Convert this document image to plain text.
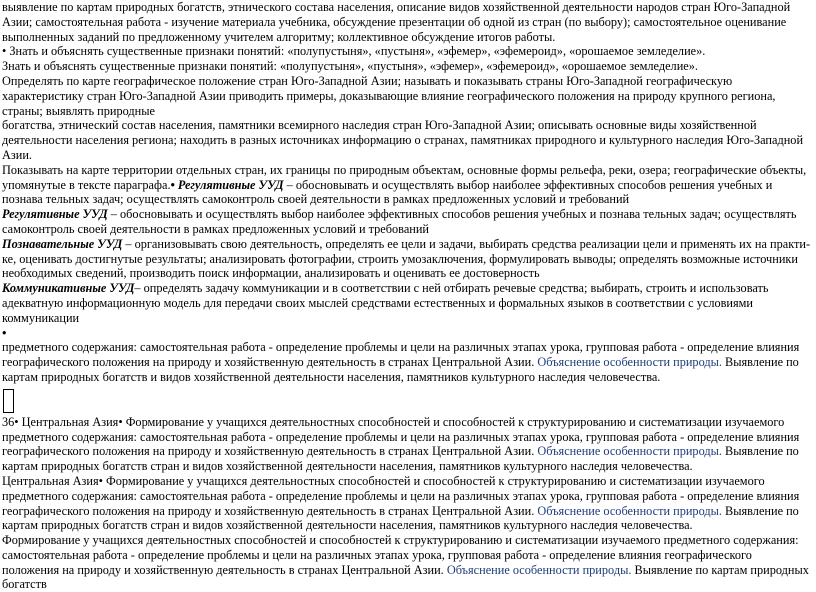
выявление по картам природных богатств, этнического состава населения, описание видов хозяйственной деятельности народов стран Юго-Западной Азии; самостоятельная работа - изучение материала учебника, обсуждение презентации об одной из стран (по выбору); самостоятельное оценивание выполненных заданий по предложенному учителем алгоритму; коллективное обсуждение итогов работы.

• Знать и объяснять существенные признаки понятий: «полупустыня», «пустыня», «эфемер», «эфемероид», «орошаемое земледелие».

Знать и объяснять существенные признаки понятий: «полупустыня», «пустыня», «эфемер», «эфемероид», «орошаемое земледелие».

Определять по карте географическое положение стран Юго-Западной Азии; называть и показывать страны Юго-Западной географическую характеристику стран Юго-Западной Азии приводить примеры, доказывающие влияние географического положения на природу крупного региона, страны; выявлять природные

богатства, этнический состав населения, памятники всемирного наследия стран Юго-Западной Азии; описывать основные виды хозяйственной деятельности населения региона; находить в разных источниках информацию о странах, памятниках природного и культурного наследия Юго-Западной Азии.

Показывать на карте территории отдельных стран, их границы по природным объектам, основные формы рельефа, реки, озера; географические объекты, упомянутые в тексте параграфа.• Регулятивные УУД – обосновывать и осуществлять выбор наиболее эффективных способов решения учебных и познава тельных задач; осуществлять самоконтроль своей деятельности в рамках предложенных условий и требований

Регулятивные УУД – обосновывать и осуществлять выбор наиболее эффективных способов решения учебных и познава тельных задач; осуществлять самоконтроль своей деятельности в рамках предложенных условий и требований

Познавательные УУД – организовывать свою деятельность, определять ее цели и задачи, выбирать средства реализации цели и применять их на практи-ке, оценивать достигнутые результаты; анализировать фотографии, строить умозаключения, формулировать выводы; определять возможные источники необходимых сведений, производить поиск информации, анализировать и оценивать ее достоверность

Коммуникативные УУД– определять задачу коммуникации и в соответствии с ней отбирать речевые средства; выбирать, строить и использовать адекватную информационную модель для передачи своих мыслей средствами естественных и формальных языков в соответствии с условиями коммуникации

•

предметного содержания: самостоятельная работа - определение проблемы и цели на различных этапах урока, групповая работа - определение влияния географического положения на природу и хозяйственную деятельность в странах Центральной Азии. Объяснение особенности природы. Выявление по картам природных богатств и видов хозяйственной деятельности населения, памятников культурного наследия человечества.

36• Центральная Азия• Формирование у учащихся деятельностных способностей и способностей к структурированию и систематизации изучаемого предметного содержания: самостоятельная работа - определение проблемы и цели на различных этапах урока, групповая работа - определение влияния географического положения на природу и хозяйственную деятельность в странах Центральной Азии. Объяснение особенности природы. Выявление по картам природных богатств стран и видов хозяйственной деятельности населения, памятников культурного наследия человечества.

Центральная Азия• Формирование у учащихся деятельностных способностей и способностей к структурированию и систематизации изучаемого предметного содержания: самостоятельная работа - определение проблемы и цели на различных этапах урока, групповая работа - определение влияния географического положения на природу и хозяйственную деятельность в странах Центральной Азии. Объяснение особенности природы. Выявление по картам природных богатств стран и видов хозяйственной деятельности населения, памятников культурного наследия человечества.

Формирование у учащихся деятельностных способностей и способностей к структурированию и систематизации изучаемого предметного содержания: самостоятельная работа - определение проблемы и цели на различных этапах урока, групповая работа - определение влияния географического положения на природу и хозяйственную деятельность в странах Центральной Азии. Объяснение особенности природы. Выявление по картам природных богатств
